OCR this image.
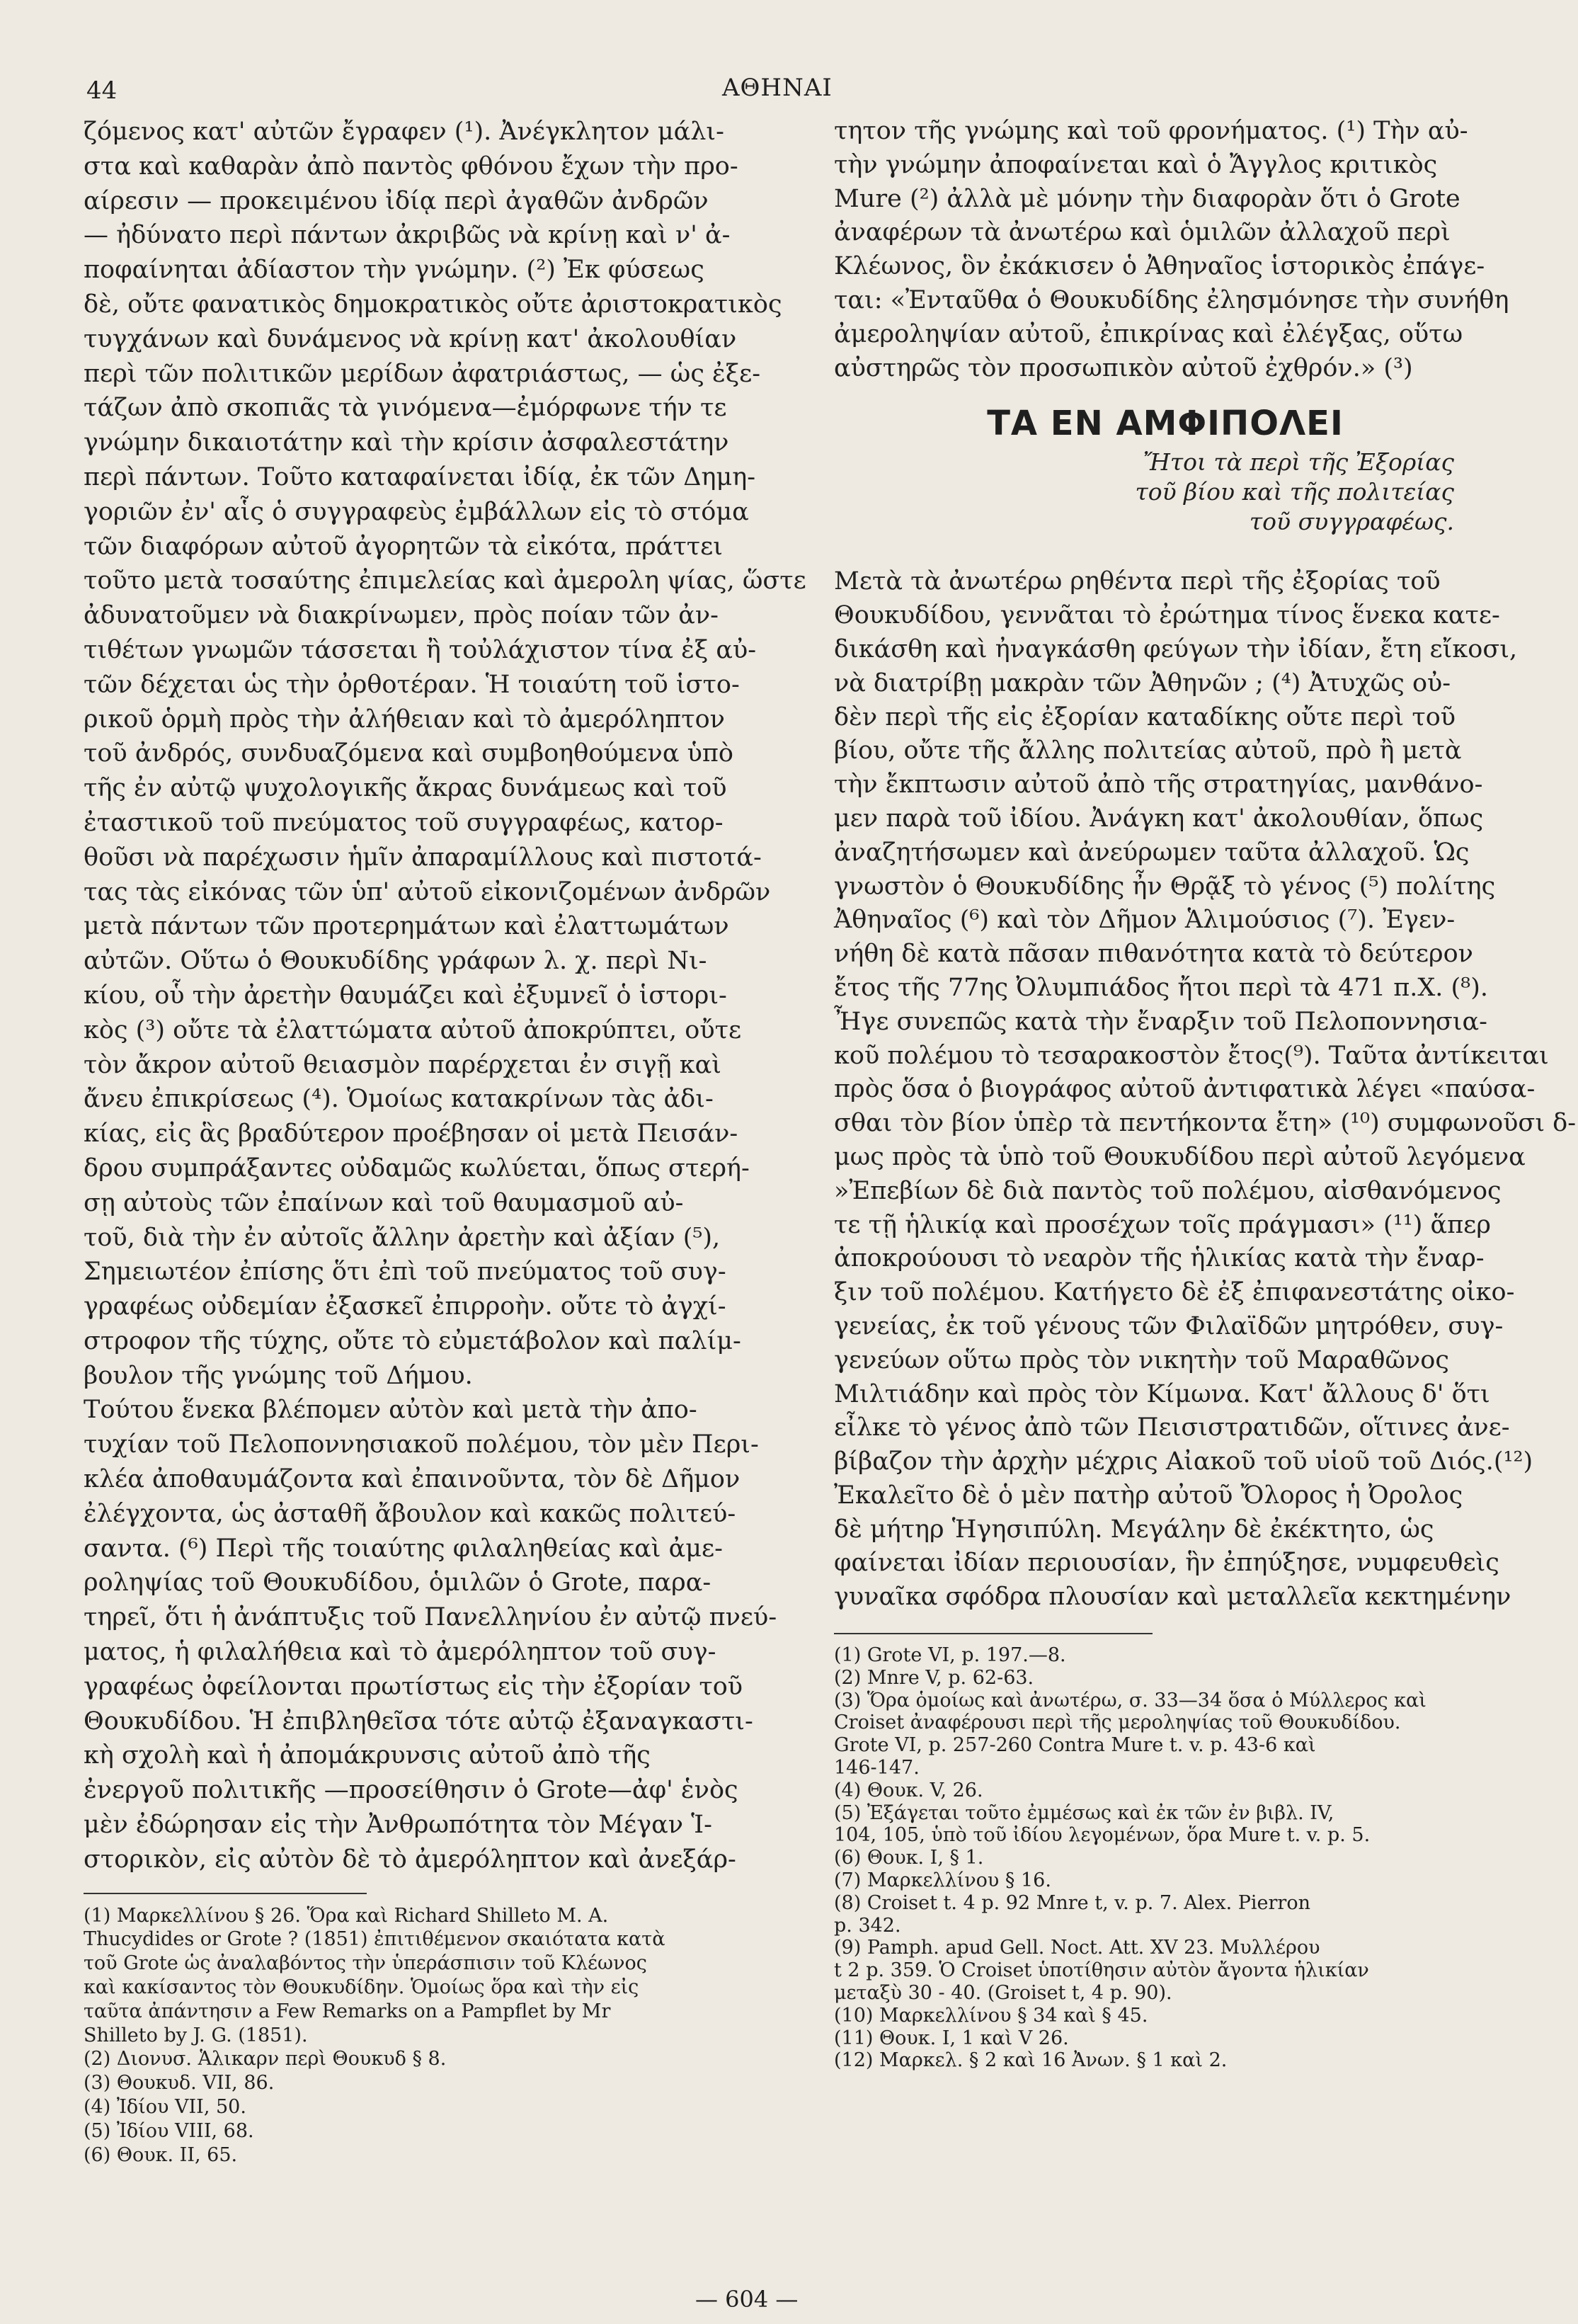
44	ΑΘΗΝΑΙ
ζόμενος κατ' αὐτῶν ἔγραφεν (¹). Ἀνέγκλητον μάλι-
στα καὶ καθαρὰν ἀπὸ παντὸς φθόνου ἔχων τὴν προ-
αίρεσιν — προκειμένου ἰδίᾳ περὶ ἀγαθῶν ἀνδρῶν
— ἠδύνατο περὶ πάντων ἀκριβῶς νὰ κρίνῃ καὶ ν' ἀ-
ποφαίνηται ἀδίαστον τὴν γνώμην. (²) Ἐκ φύσεως
δὲ, οὔτε φανατικὸς δημοκρατικὸς οὔτε ἀριστοκρατικὸς
τυγχάνων καὶ δυνάμενος νὰ κρίνῃ κατ' ἀκολουθίαν
περὶ τῶν πολιτικῶν μερίδων ἀφατριάστως, — ὡς ἐξε-
τάζων ἀπὸ σκοπιᾶς τὰ γινόμενα—ἐμόρφωνε τήν τε
γνώμην δικαιοτάτην καὶ τὴν κρίσιν ἀσφαλεστάτην
περὶ πάντων. Τοῦτο καταφαίνεται ἰδίᾳ, ἐκ τῶν Δημη-
γοριῶν ἐν' αἷς ὁ συγγραφεὺς ἐμβάλλων εἰς τὸ στόμα
τῶν διαφόρων αὐτοῦ ἀγορητῶν τὰ εἰκότα, πράττει
τοῦτο μετὰ τοσαύτης ἐπιμελείας καὶ ἀμερολη ψίας, ὥστε
ἀδυνατοῦμεν νὰ διακρίνωμεν, πρὸς ποίαν τῶν ἀν-
τιθέτων γνωμῶν τάσσεται ἢ τοὐλάχιστον τίνα ἐξ αὐ-
τῶν δέχεται ὡς τὴν ὀρθοτέραν. Ἡ τοιαύτη τοῦ ἱστο-
ρικοῦ ὁρμὴ πρὸς τὴν ἀλήθειαν καὶ τὸ ἀμερόληπτον
τοῦ ἀνδρός, συνδυαζόμενα καὶ συμβοηθούμενα ὑπὸ
τῆς ἐν αὐτῷ ψυχολογικῆς ἄκρας δυνάμεως καὶ τοῦ
ἐταστικοῦ τοῦ πνεύματος τοῦ συγγραφέως, κατορ-
θοῦσι νὰ παρέχωσιν ἡμῖν ἀπαραμίλλους καὶ πιστοτά-
τας τὰς εἰκόνας τῶν ὑπ' αὐτοῦ εἰκονιζομένων ἀνδρῶν
μετὰ πάντων τῶν προτερημάτων καὶ ἐλαττωμάτων
αὐτῶν. Οὕτω ὁ Θουκυδίδης γράφων λ. χ. περὶ Νι-
κίου, οὗ τὴν ἀρετὴν θαυμάζει καὶ ἐξυμνεῖ ὁ ἱστορι-
κὸς (³) οὔτε τὰ ἐλαττώματα αὐτοῦ ἀποκρύπτει, οὔτε
τὸν ἄκρον αὐτοῦ θειασμὸν παρέρχεται ἐν σιγῇ καὶ
ἄνευ ἐπικρίσεως (⁴). Ὁμοίως κατακρίνων τὰς ἀδι-
κίας, εἰς ἃς βραδύτερον προέβησαν οἱ μετὰ Πεισάν-
δρου συμπράξαντες οὐδαμῶς κωλύεται, ὅπως στερή-
σῃ αὐτοὺς τῶν ἐπαίνων καὶ τοῦ θαυμασμοῦ αὐ-
τοῦ, διὰ τὴν ἐν αὐτοῖς ἄλλην ἀρετὴν καὶ ἀξίαν (⁵),
Σημειωτέον ἐπίσης ὅτι ἐπὶ τοῦ πνεύματος τοῦ συγ-
γραφέως οὐδεμίαν ἐξασκεῖ ἐπιρροὴν. οὔτε τὸ ἀγχί-
στροφον τῆς τύχης, οὔτε τὸ εὐμετάβολον καὶ παλίμ-
βουλον τῆς γνώμης τοῦ Δήμου.
Τούτου ἕνεκα βλέπομεν αὐτὸν καὶ μετὰ τὴν ἀπο-
τυχίαν τοῦ Πελοποννησιακοῦ πολέμου, τὸν μὲν Περι-
κλέα ἀποθαυμάζοντα καὶ ἐπαινοῦντα, τὸν δὲ Δῆμον
ἐλέγχοντα, ὡς ἀσταθῆ ἄβουλον καὶ κακῶς πολιτεύ-
σαντα. (⁶) Περὶ τῆς τοιαύτης φιλαληθείας καὶ ἀμε-
ροληψίας τοῦ Θουκυδίδου, ὁμιλῶν ὁ Grote, παρα-
τηρεῖ, ὅτι ἡ ἀνάπτυξις τοῦ Πανελληνίου ἐν αὐτῷ πνεύ-
ματος, ἡ φιλαλήθεια καὶ τὸ ἀμερόληπτον τοῦ συγ-
γραφέως ὀφείλονται πρωτίστως εἰς τὴν ἐξορίαν τοῦ
Θουκυδίδου. Ἡ ἐπιβληθεῖσα τότε αὐτῷ ἐξαναγκαστι-
κὴ σχολὴ καὶ ἡ ἀπομάκρυνσις αὐτοῦ ἀπὸ τῆς
ἐνεργοῦ πολιτικῆς —προσείθησιν ὁ Grote—ἀφ' ἑνὸς
μὲν ἐδώρησαν εἰς τὴν Ἀνθρωπότητα τὸν Μέγαν Ἱ-
στορικὸν, εἰς αὐτὸν δὲ τὸ ἀμερόληπτον καὶ ἀνεξάρ-
(1) Μαρκελλίνου § 26. Ὅρα καὶ Richard Shilleto M. A.
Thucydides or Grote ? (1851) ἐπιτιθέμενον σκαιότατα κατὰ
τοῦ Grote ὡς ἀναλαβόντος τὴν ὑπεράσπισιν τοῦ Κλέωνος
καὶ κακίσαντος τὸν Θουκυδίδην. Ὁμοίως ὅρα καὶ τὴν εἰς
ταῦτα ἀπάντησιν a Few Remarks on a Pampflet by Mr
Shilleto by J. G. (1851).
(2) Διονυσ. Ἁλικαρν περὶ Θουκυδ § 8.
(3) Θουκυδ. VII, 86.
(4) Ἰδίου VII, 50.
(5) Ἰδίου VIII, 68.
(6) Θουκ. II, 65.
τητον τῆς γνώμης καὶ τοῦ φρονήματος. (¹) Τὴν αὐ-
τὴν γνώμην ἀποφαίνεται καὶ ὁ Ἄγγλος κριτικὸς
Mure (²) ἀλλὰ μὲ μόνην τὴν διαφορὰν ὅτι ὁ Grote
ἀναφέρων τὰ ἀνωτέρω καὶ ὁμιλῶν ἀλλαχοῦ περὶ
Κλέωνος, ὃν ἐκάκισεν ὁ Ἀθηναῖος ἱστορικὸς ἐπάγε-
ται: «Ἐνταῦθα ὁ Θουκυδίδης ἐλησμόνησε τὴν συνήθη
ἀμεροληψίαν αὐτοῦ, ἐπικρίνας καὶ ἐλέγξας, οὕτω
αὐστηρῶς τὸν προσωπικὸν αὐτοῦ ἐχθρόν.» (³)
ΤΑ ΕΝ ΑΜΦΙΠΟΛΕΙ
Ἤτοι τὰ περὶ τῆς Ἐξορίας
τοῦ βίου καὶ τῆς πολιτείας
τοῦ συγγραφέως.
Μετὰ τὰ ἀνωτέρω ρηθέντα περὶ τῆς ἐξορίας τοῦ
Θουκυδίδου, γεννᾶται τὸ ἐρώτημα τίνος ἕνεκα κατε-
δικάσθη καὶ ἠναγκάσθη φεύγων τὴν ἰδίαν, ἔτη εἴκοσι,
νὰ διατρίβῃ μακρὰν τῶν Ἀθηνῶν ; (⁴) Ἀτυχῶς οὐ-
δὲν περὶ τῆς εἰς ἐξορίαν καταδίκης οὔτε περὶ τοῦ
βίου, οὔτε τῆς ἄλλης πολιτείας αὐτοῦ, πρὸ ἢ μετὰ
τὴν ἔκπτωσιν αὐτοῦ ἀπὸ τῆς στρατηγίας, μανθάνο-
μεν παρὰ τοῦ ἰδίου. Ἀνάγκη κατ' ἀκολουθίαν, ὅπως
ἀναζητήσωμεν καὶ ἀνεύρωμεν ταῦτα ἀλλαχοῦ. Ὡς
γνωστὸν ὁ Θουκυδίδης ἦν Θρᾷξ τὸ γένος (⁵) πολίτης
Ἀθηναῖος (⁶) καὶ τὸν Δῆμον Ἁλιμούσιος (⁷). Ἐγεν-
νήθη δὲ κατὰ πᾶσαν πιθανότητα κατὰ τὸ δεύτερον
ἔτος τῆς 77ης Ὀλυμπιάδος ἤτοι περὶ τὰ 471 π.Χ. (⁸).
Ἦγε συνεπῶς κατὰ τὴν ἔναρξιν τοῦ Πελοποννησια-
κοῦ πολέμου τὸ τεσαρακοστὸν ἔτος(⁹). Ταῦτα ἀντίκειται
πρὸς ὅσα ὁ βιογράφος αὐτοῦ ἀντιφατικὰ λέγει «παύσα-
σθαι τὸν βίον ὑπὲρ τὰ πεντήκοντα ἔτη» (¹⁰) συμφωνοῦσι δ-
μως πρὸς τὰ ὑπὸ τοῦ Θουκυδίδου περὶ αὐτοῦ λεγόμενα
»Ἐπεβίων δὲ διὰ παντὸς τοῦ πολέμου, αἰσθανόμενος
τε τῇ ἡλικίᾳ καὶ προσέχων τοῖς πράγμασι» (¹¹) ἅπερ
ἀποκρούουσι τὸ νεαρὸν τῆς ἡλικίας κατὰ τὴν ἔναρ-
ξιν τοῦ πολέμου. Κατήγετο δὲ ἐξ ἐπιφανεστάτης οἰκο-
γενείας, ἐκ τοῦ γένους τῶν Φιλαϊδῶν μητρόθεν, συγ-
γενεύων οὕτω πρὸς τὸν νικητὴν τοῦ Μαραθῶνος
Μιλτιάδην καὶ πρὸς τὸν Κίμωνα. Κατ' ἄλλους δ' ὅτι
εἶλκε τὸ γένος ἀπὸ τῶν Πεισιστρατιδῶν, οἵτινες ἀνε-
βίβαζον τὴν ἀρχὴν μέχρις Αἰακοῦ τοῦ υἱοῦ τοῦ Διός.(¹²)
Ἐκαλεῖτο δὲ ὁ μὲν πατὴρ αὐτοῦ Ὄλορος ἡ Ὀρολος
δὲ μήτηρ Ἡγησιπύλη. Μεγάλην δὲ ἐκέκτητο, ὡς
φαίνεται ἰδίαν περιουσίαν, ἣν ἐπηύξησε, νυμφευθεὶς
γυναῖκα σφόδρα πλουσίαν καὶ μεταλλεῖα κεκτημένην
(1) Grote VI, p. 197.—8.
(2) Mnre V, p. 62-63.
(3) Ὅρα ὁμοίως καὶ ἀνωτέρω, σ. 33—34 ὅσα ὁ Μύλλερος καὶ
Croiset ἀναφέρουσι περὶ τῆς μεροληψίας τοῦ Θουκυδίδου.
Grote VI, p. 257-260 Contra Mure t. v. p. 43-6 καὶ
146-147.
(4) Θουκ. V, 26.
(5) Ἐξάγεται τοῦτο ἐμμέσως καὶ ἐκ τῶν ἐν βιβλ. IV,
104, 105, ὑπὸ τοῦ ἰδίου λεγομένων, ὅρα Mure t. v. p. 5.
(6) Θουκ. I, § 1.
(7) Μαρκελλίνου § 16.
(8) Croiset t. 4 p. 92 Mnre t, v. p. 7. Alex. Pierron
p. 342.
(9) Pamph. apud Gell. Noct. Att. XV 23. Μυλλέρου
t 2 p. 359. Ὁ Croiset ὑποτίθησιν αὐτὸν ἄγοντα ἡλικίαν
μεταξὺ 30 - 40. (Groiset t, 4 p. 90).
(10) Μαρκελλίνου § 34 καὶ § 45.
(11) Θουκ. I, 1 καὶ V 26.
(12) Μαρκελ. § 2 καὶ 16 Ἀνων. § 1 καὶ 2.
— 604 —
